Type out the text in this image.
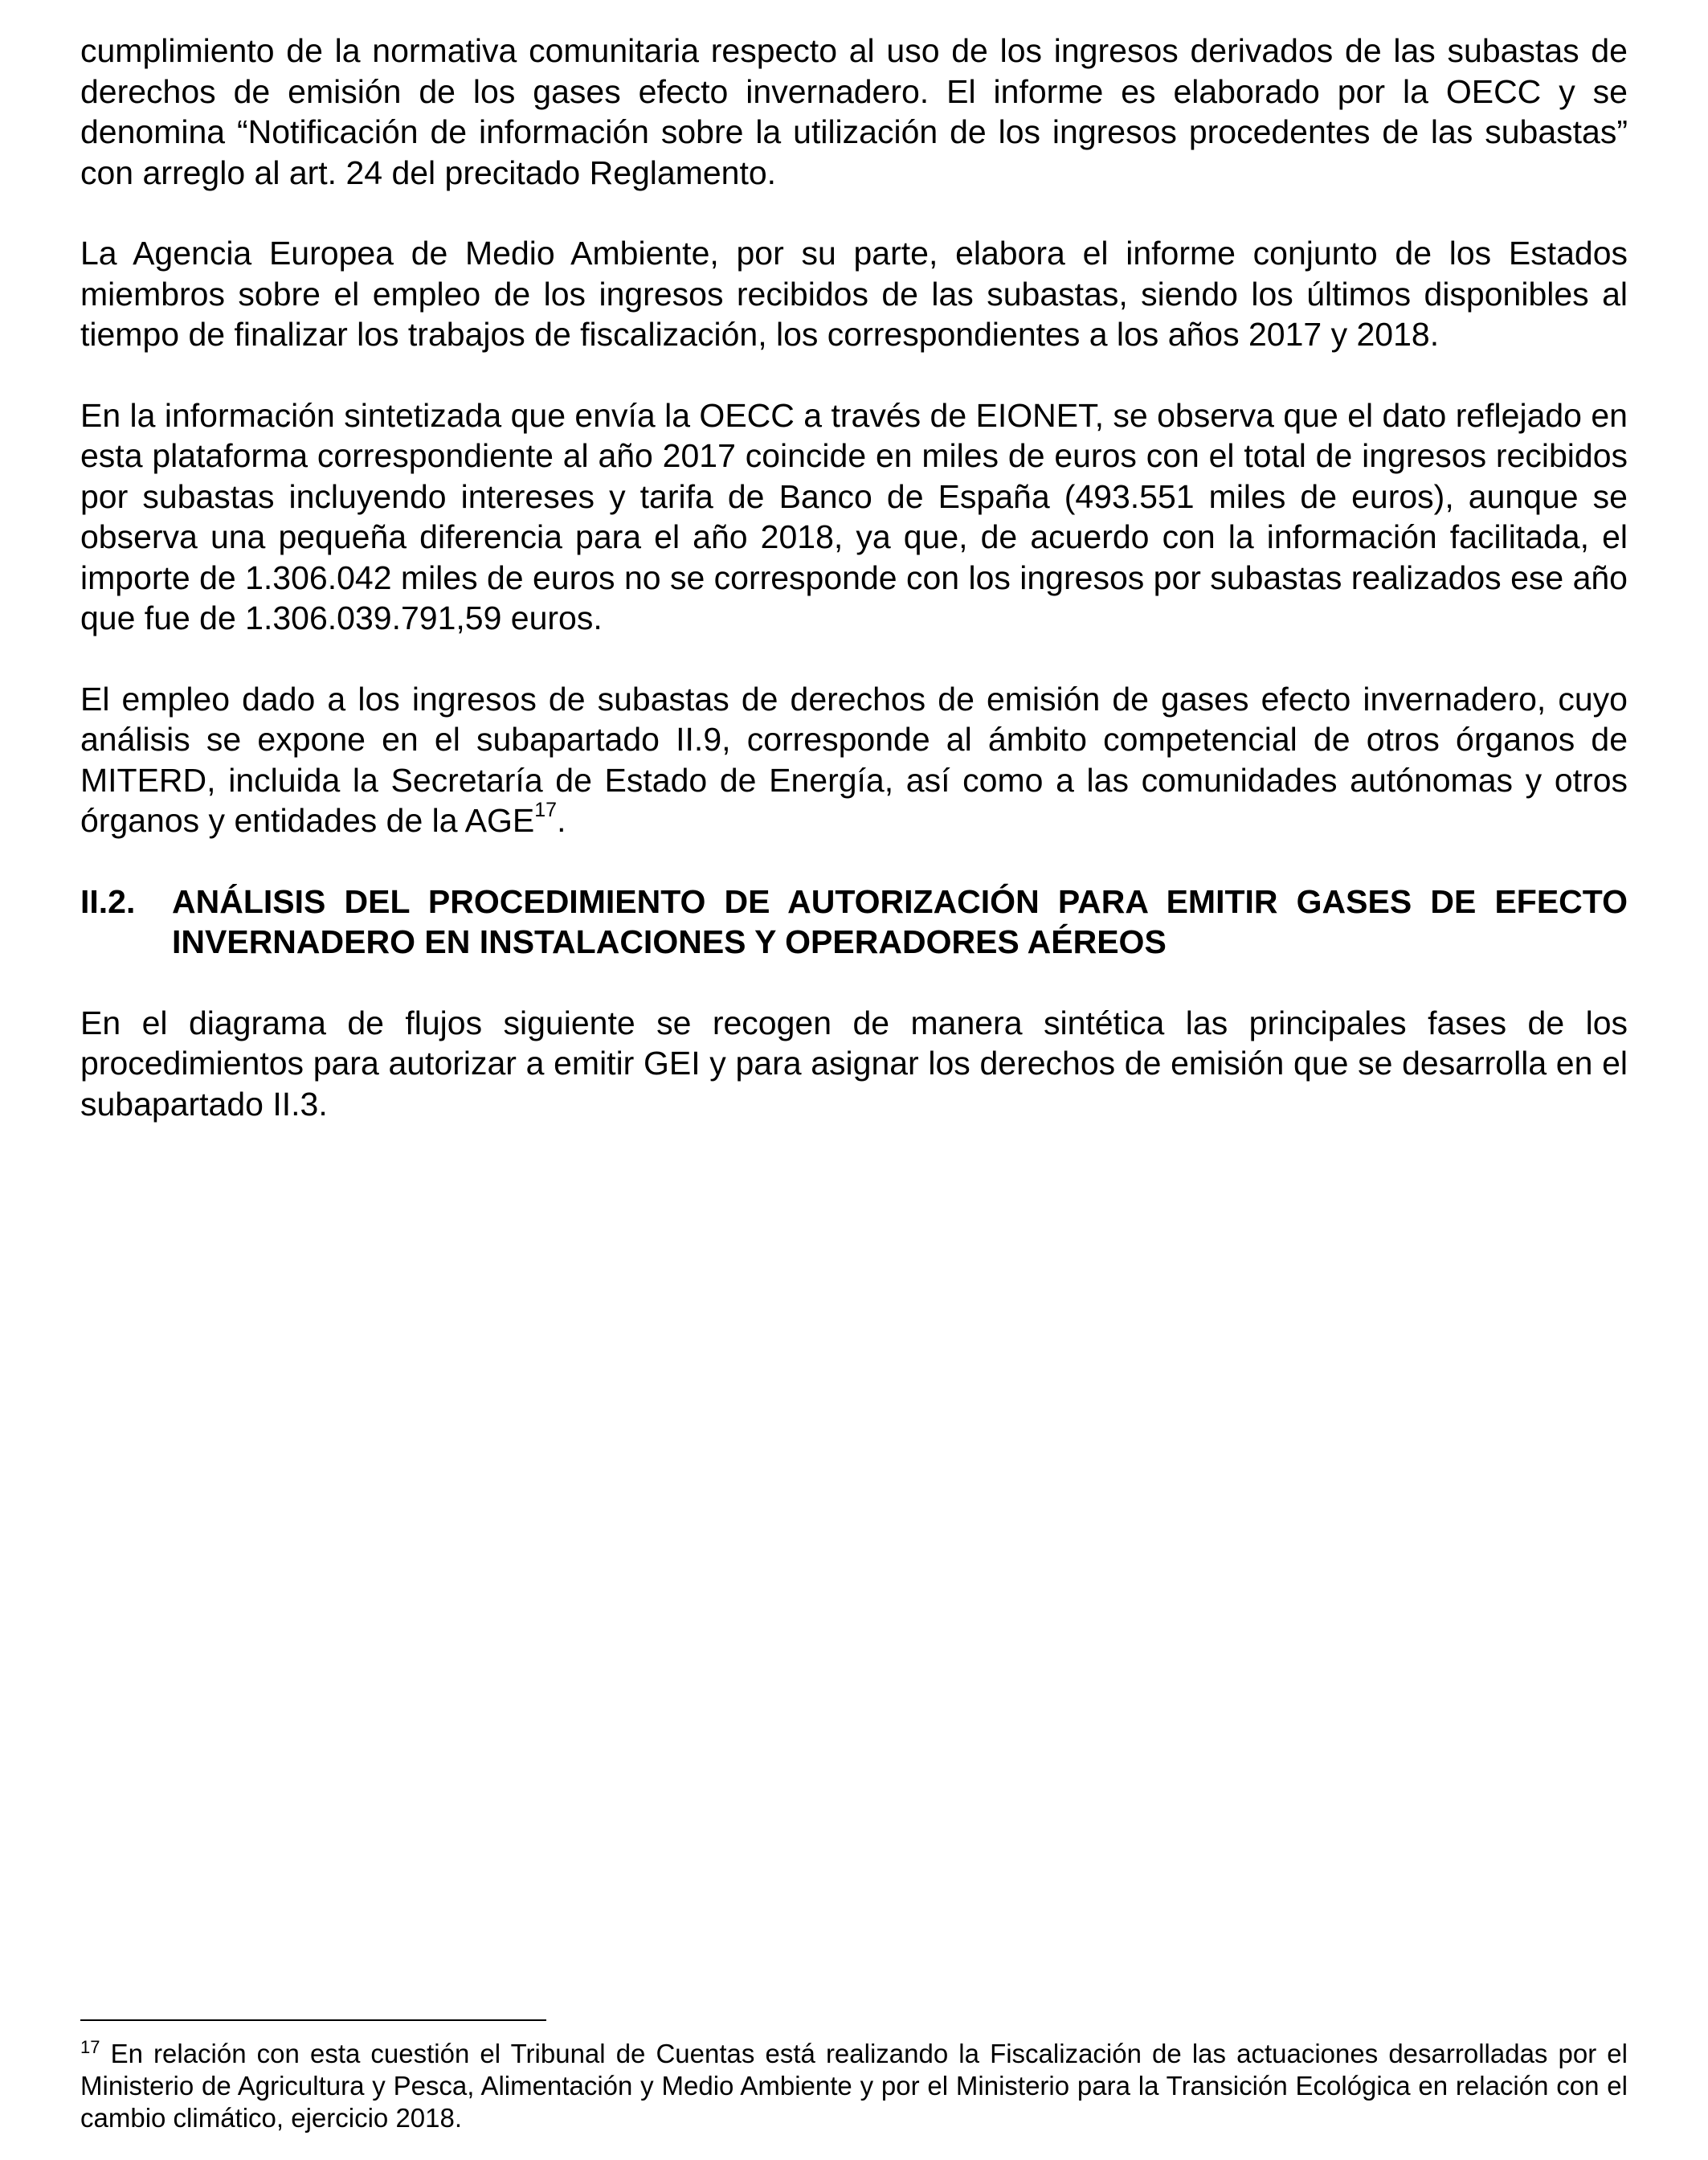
cumplimiento de la normativa comunitaria respecto al uso de los ingresos derivados de las subastas de derechos de emisión de los gases efecto invernadero. El informe es elaborado por la OECC y se denomina “Notificación de información sobre la utilización de los ingresos procedentes de las subastas” con arreglo al art. 24 del precitado Reglamento.

La Agencia Europea de Medio Ambiente, por su parte, elabora el informe conjunto de los Estados miembros sobre el empleo de los ingresos recibidos de las subastas, siendo los últimos disponibles al tiempo de finalizar los trabajos de fiscalización, los correspondientes a los años 2017 y 2018.

En la información sintetizada que envía la OECC a través de EIONET, se observa que el dato reflejado en esta plataforma correspondiente al año 2017 coincide en miles de euros con el total de ingresos recibidos por subastas incluyendo intereses y tarifa de Banco de España (493.551 miles de euros), aunque se observa una pequeña diferencia para el año 2018, ya que, de acuerdo con la información facilitada, el importe de 1.306.042 miles de euros no se corresponde con los ingresos por subastas realizados ese año que fue de 1.306.039.791,59 euros.

El empleo dado a los ingresos de subastas de derechos de emisión de gases efecto invernadero, cuyo análisis se expone en el subapartado II.9, corresponde al ámbito competencial de otros órganos de MITERD, incluida la Secretaría de Estado de Energía, así como a las comunidades autónomas y otros órganos y entidades de la AGE$^{17}$.

II.2.	ANÁLISIS DEL PROCEDIMIENTO DE AUTORIZACIÓN PARA EMITIR GASES DE EFECTO INVERNADERO EN INSTALACIONES Y OPERADORES AÉREOS

En el diagrama de flujos siguiente se recogen de manera sintética las principales fases de los procedimientos para autorizar a emitir GEI y para asignar los derechos de emisión que se desarrolla en el subapartado II.3.

$^{17}$ En relación con esta cuestión el Tribunal de Cuentas está realizando la Fiscalización de las actuaciones desarrolladas por el Ministerio de Agricultura y Pesca, Alimentación y Medio Ambiente y por el Ministerio para la Transición Ecológica en relación con el cambio climático, ejercicio 2018.
